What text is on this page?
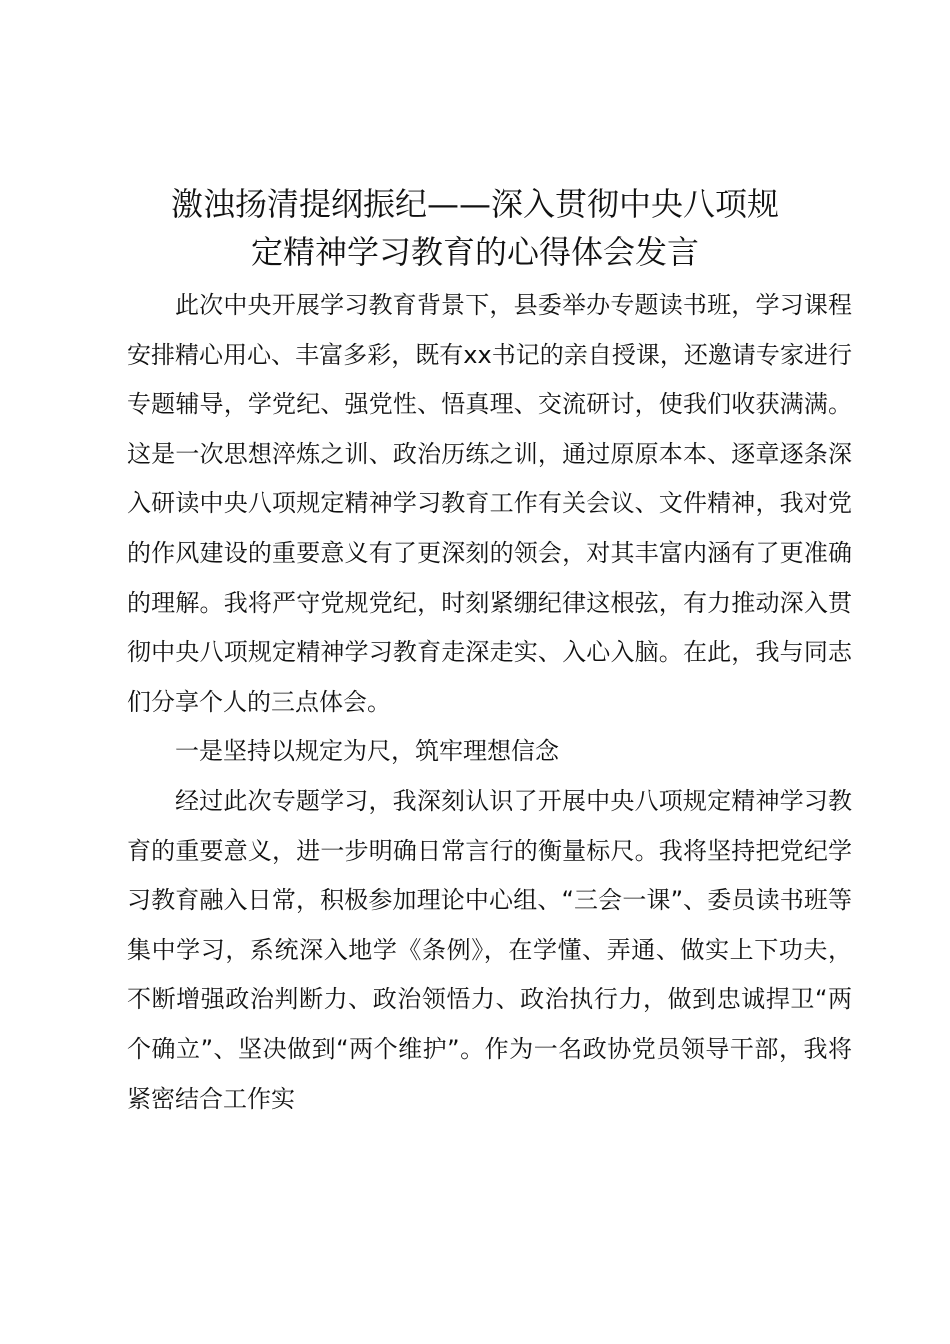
激浊扬清提纲振纪——深入贯彻中央八项规
定精神学习教育的心得体会发言

此次中央开展学习教育背景下，县委举办专题读书班，学习课程安排精心用心、丰富多彩，既有xx书记的亲自授课，还邀请专家进行专题辅导，学党纪、强党性、悟真理、交流研讨，使我们收获满满。这是一次思想淬炼之训、政治历练之训，通过原原本本、逐章逐条深入研读中央八项规定精神学习教育工作有关会议、文件精神，我对党的作风建设的重要意义有了更深刻的领会，对其丰富内涵有了更准确的理解。我将严守党规党纪，时刻紧绷纪律这根弦，有力推动深入贯彻中央八项规定精神学习教育走深走实、入心入脑。在此，我与同志们分享个人的三点体会。

一是坚持以规定为尺，筑牢理想信念

经过此次专题学习，我深刻认识了开展中央八项规定精神学习教育的重要意义，进一步明确日常言行的衡量标尺。我将坚持把党纪学习教育融入日常，积极参加理论中心组、“三会一课”、委员读书班等集中学习，系统深入地学《条例》，在学懂、弄通、做实上下功夫，不断增强政治判断力、政治领悟力、政治执行力，做到忠诚捍卫“两个确立”、坚决做到“两个维护”。作为一名政协党员领导干部，我将紧密结合工作实
